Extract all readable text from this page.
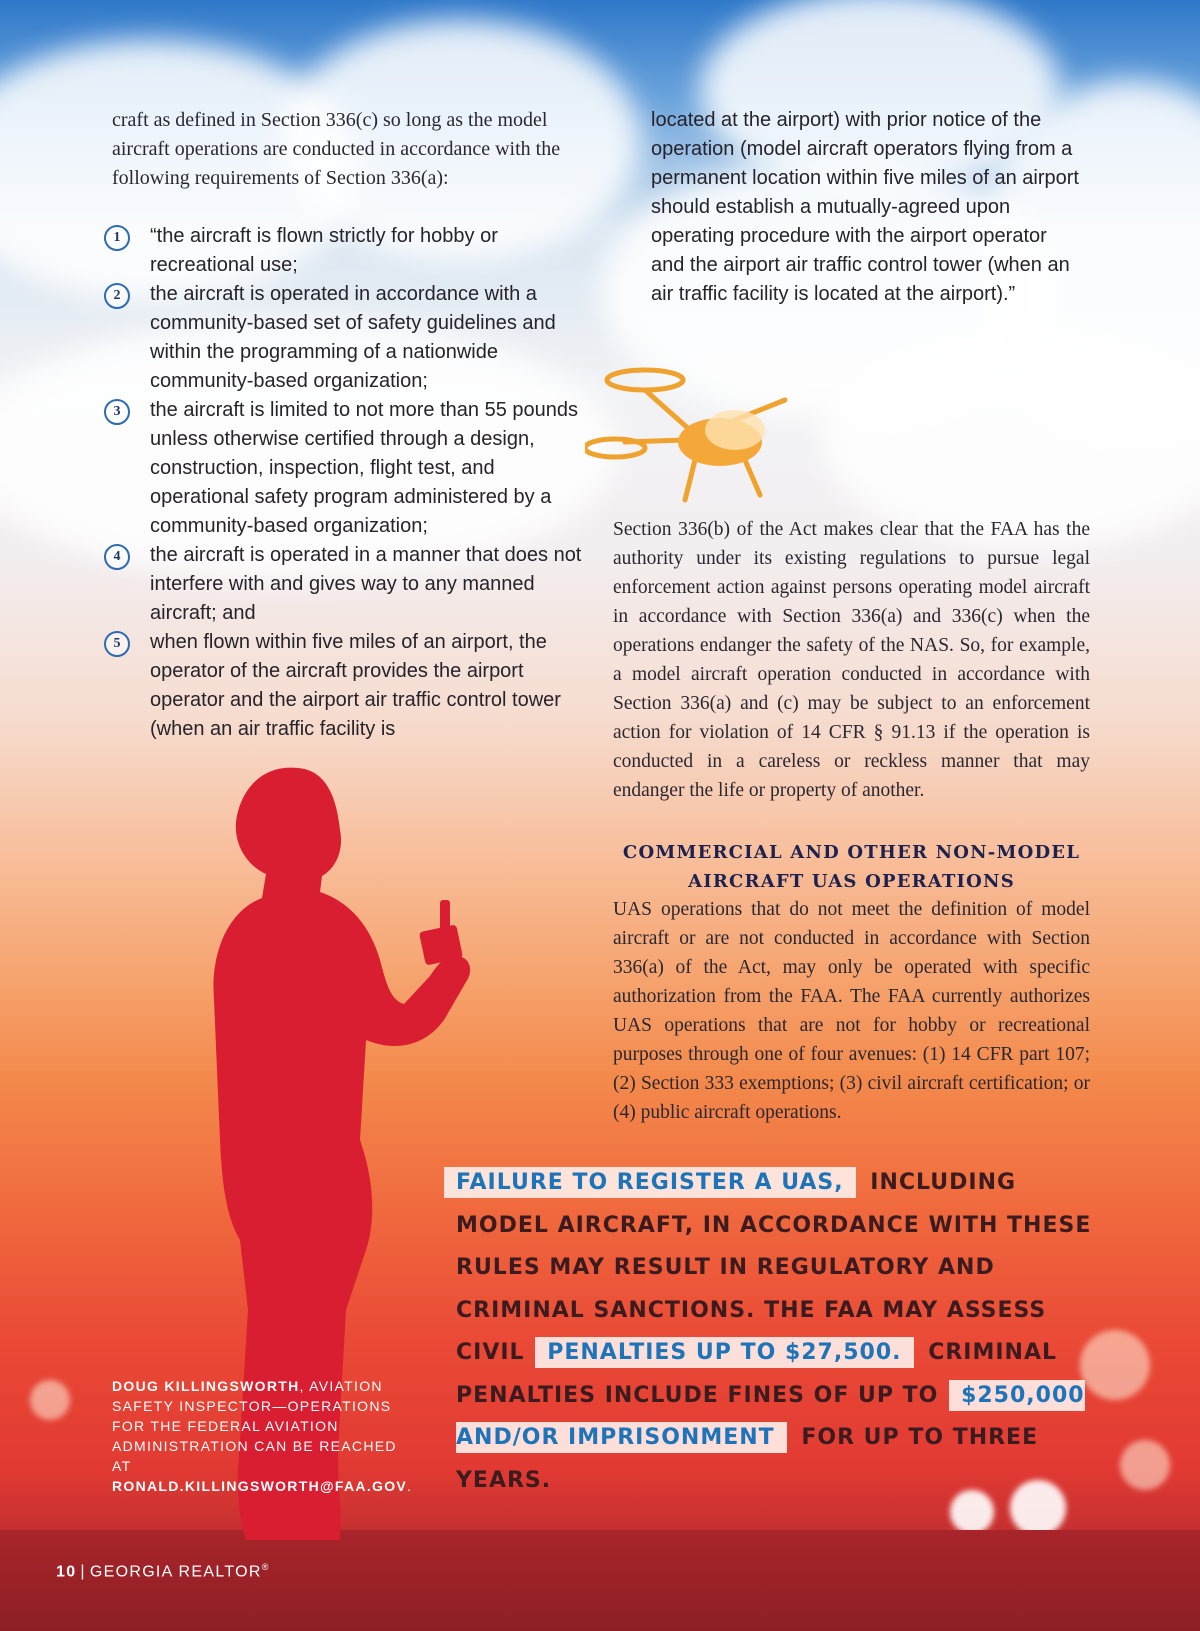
craft as defined in Section 336(c) so long as the model aircraft operations are conducted in accordance with the following requirements of Section 336(a):
1	“the aircraft is flown strictly for hobby or recreational use;
2	the aircraft is operated in accordance with a community-based set of safety guidelines and within the programming of a nationwide community-based organization;
3	the aircraft is limited to not more than 55 pounds unless otherwise certified through a design, construction, inspection, flight test, and operational safety program administered by a community-based organization;
4	the aircraft is operated in a manner that does not interfere with and gives way to any manned aircraft; and
5	when flown within five miles of an airport, the operator of the aircraft provides the airport operator and the airport air traffic control tower (when an air traffic facility is

located at the airport) with prior notice of the operation (model aircraft operators flying from a permanent location within five miles of an airport should establish a mutually-agreed upon operating procedure with the airport operator and the airport air traffic control tower (when an air traffic facility is located at the airport).”

Section 336(b) of the Act makes clear that the FAA has the authority under its existing regulations to pursue legal enforcement action against persons operating model aircraft in accordance with Section 336(a) and 336(c) when the operations endanger the safety of the NAS. So, for example, a model aircraft operation conducted in accordance with Section 336(a) and (c) may be subject to an enforcement action for violation of 14 CFR § 91.13 if the operation is conducted in a careless or reckless manner that may endanger the life or property of another.

COMMERCIAL AND OTHER NON-MODEL AIRCRAFT UAS OPERATIONS

UAS operations that do not meet the definition of model aircraft or are not conducted in accordance with Section 336(a) of the Act, may only be operated with specific authorization from the FAA. The FAA currently authorizes UAS operations that are not for hobby or recreational purposes through one of four avenues: (1) 14 CFR part 107; (2) Section 333 exemptions; (3) civil aircraft certification; or (4) public aircraft operations.

FAILURE TO REGISTER A UAS, INCLUDING MODEL AIRCRAFT, IN ACCORDANCE WITH THESE RULES MAY RESULT IN REGULATORY AND CRIMINAL SANCTIONS. THE FAA MAY ASSESS CIVIL PENALTIES UP TO $27,500. CRIMINAL PENALTIES INCLUDE FINES OF UP TO $250,000 AND/OR IMPRISONMENT FOR UP TO THREE YEARS.
DOUG KILLINGSWORTH, AVIATION SAFETY INSPECTOR—OPERATIONS FOR THE FEDERAL AVIATION ADMINISTRATION CAN BE REACHED AT RONALD.KILLINGSWORTH@FAA.GOV.
10 | GEORGIA REALTOR®
